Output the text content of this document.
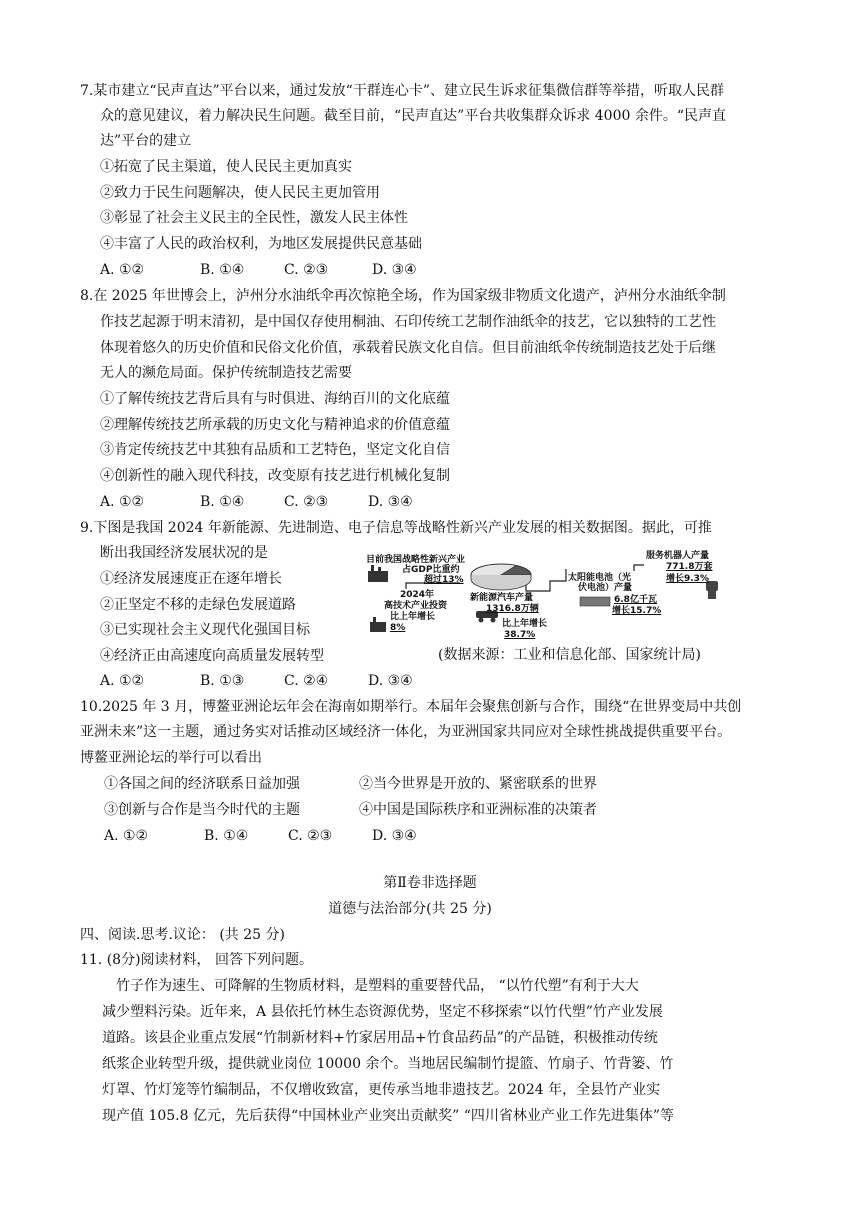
7.某市建立“民声直达”平台以来，通过发放“干群连心卡”、建立民生诉求征集微信群等举措，听取人民群
众的意见建议，着力解决民生问题。截至目前，“民声直达”平台共收集群众诉求 4000 余件。“民声直
达”平台的建立
①拓宽了民主渠道，使人民民主更加真实
②致力于民生问题解决，使人民民主更加管用
③彰显了社会主义民主的全民性，激发人民主体性
④丰富了人民的政治权利，为地区发展提供民意基础
A. ①②	B. ①④	C. ②③	D. ③④
8.在 2025 年世博会上，泸州分水油纸伞再次惊艳全场，作为国家级非物质文化遗产，泸州分水油纸伞制
作技艺起源于明末清初，是中国仅存使用桐油、石印传统工艺制作油纸伞的技艺，它以独特的工艺性
体现着悠久的历史价值和民俗文化价值，承载着民族文化自信。但目前油纸伞传统制造技艺处于后继
无人的濒危局面。保护传统制造技艺需要
①了解传统技艺背后具有与时俱进、海纳百川的文化底蕴
②理解传统技艺所承载的历史文化与精神追求的价值意蕴
③肯定传统技艺中其独有品质和工艺特色，坚定文化自信
④创新性的融入现代科技，改变原有技艺进行机械化复制
A. ①②	B. ①④	C. ②③	D. ③④
9.下图是我国 2024 年新能源、先进制造、电子信息等战略性新兴产业发展的相关数据图。据此，可推
断出我国经济发展状况的是
①经济发展速度正在逐年增长
②正坚定不移的走绿色发展道路
③已实现社会主义现代化强国目标
④经济正由高速度向高质量发展转型
目前我国战略性新兴产业
占GDP比重约
超过13%
2024年
高技术产业投资
比上年增长
8%
新能源汽车产量
1316.8万辆
比上年增长
38.7%
太阳能电池（光
伏电池）产量
6.8亿千瓦
增长15.7%
服务机器人产量
771.8万套
增长9.3%
(数据来源：工业和信息化部、国家统计局)
A. ①②	B. ①③	C. ②④	D. ③④
10.2025 年 3 月，博鳌亚洲论坛年会在海南如期举行。本届年会聚焦创新与合作，围绕“在世界变局中共创
亚洲未来”这一主题，通过务实对话推动区域经济一体化，为亚洲国家共同应对全球性挑战提供重要平台。
博鳌亚洲论坛的举行可以看出
①各国之间的经济联系日益加强	②当今世界是开放的、紧密联系的世界
③创新与合作是当今时代的主题	④中国是国际秩序和亚洲标准的决策者
A. ①②	B. ①④	C. ②③	D. ③④
第Ⅱ卷非选择题
道德与法治部分(共 25 分)
四、阅读.思考.议论： (共 25 分)
11. (8分)阅读材料， 回答下列问题。
竹子作为速生、可降解的生物质材料，是塑料的重要替代品， “以竹代塑”有利于大大
减少塑料污染。近年来，A 县依托竹林生态资源优势，坚定不移探索“以竹代塑”竹产业发展
道路。该县企业重点发展“竹制新材料+竹家居用品+竹食品药品”的产品链，积极推动传统
纸浆企业转型升级，提供就业岗位 10000 余个。当地居民编制竹提篮、竹扇子、竹背篓、竹
灯罩、竹灯笼等竹编制品，不仅增收致富，更传承当地非遗技艺。2024 年，全县竹产业实
现产值 105.8 亿元，先后获得“中国林业产业突出贡献奖” “四川省林业产业工作先进集体”等
